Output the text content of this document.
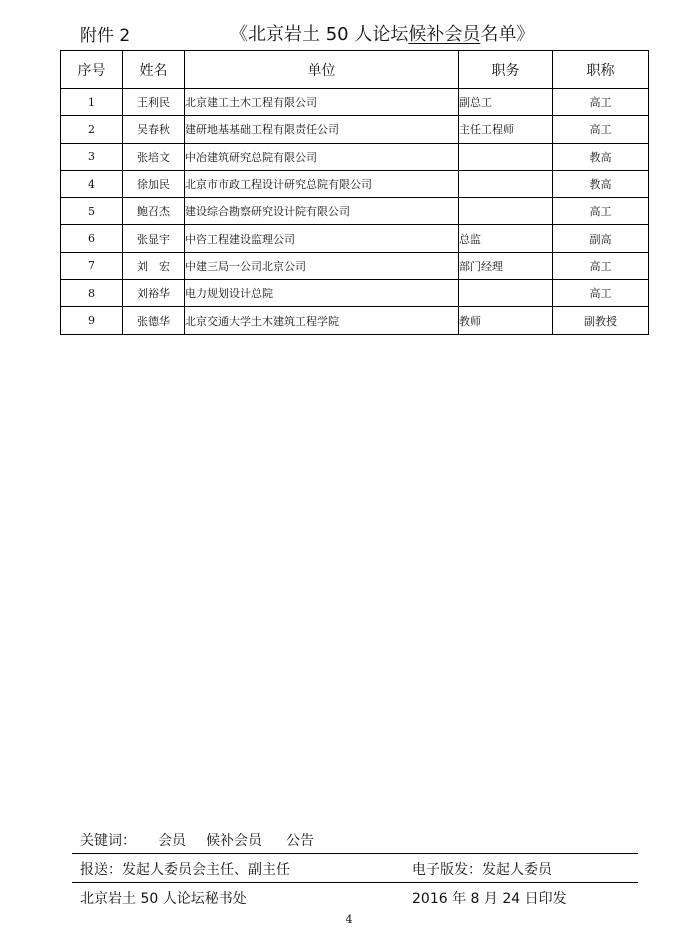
附件 2	《北京岩土 50 人论坛候补会员名单》
序号	姓名	单位	职务	职称
1	王利民	北京建工土木工程有限公司	副总工	高工
2	吴春秋	建研地基基础工程有限责任公司	主任工程师	高工
3	张培文	中冶建筑研究总院有限公司		教高
4	徐加民	北京市市政工程设计研究总院有限公司		教高
5	鲍召杰	建设综合勘察研究设计院有限公司		高工
6	张显宇	中咨工程建设监理公司	总监	副高
7	刘　宏	中建三局一公司北京公司	部门经理	高工
8	刘裕华	电力规划设计总院		高工
9	张德华	北京交通大学土木建筑工程学院	教师	副教授
关键词： 会员 候补会员 公告
报送：发起人委员会主任、副主任	电子版发：发起人委员
北京岩土 50 人论坛秘书处	2016 年 8 月 24 日印发
4
